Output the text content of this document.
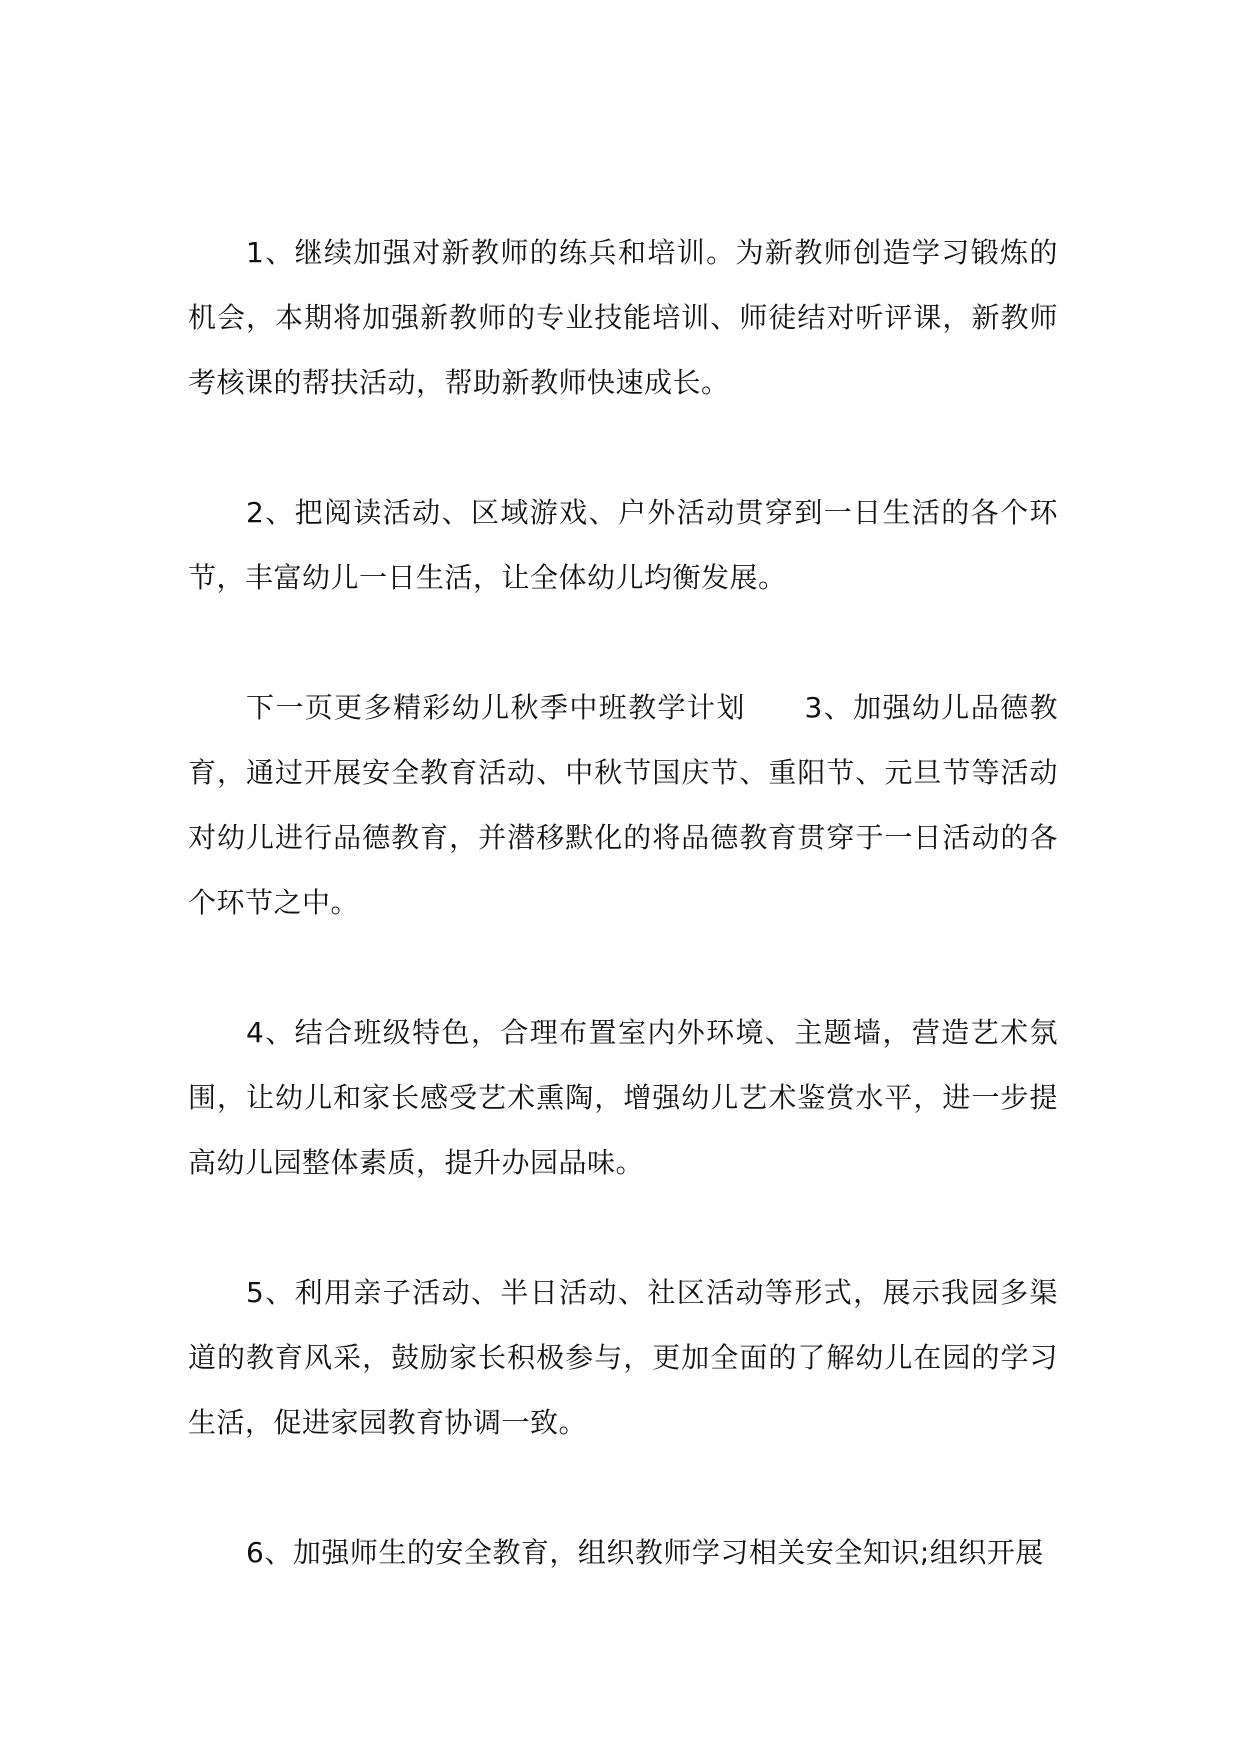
1、继续加强对新教师的练兵和培训。为新教师创造学习锻炼的机会，本期将加强新教师的专业技能培训、师徒结对听评课，新教师考核课的帮扶活动，帮助新教师快速成长。

2、把阅读活动、区域游戏、户外活动贯穿到一日生活的各个环节，丰富幼儿一日生活，让全体幼儿均衡发展。

下一页更多精彩幼儿秋季中班教学计划　　3、加强幼儿品德教育，通过开展安全教育活动、中秋节国庆节、重阳节、元旦节等活动对幼儿进行品德教育，并潜移默化的将品德教育贯穿于一日活动的各个环节之中。

4、结合班级特色，合理布置室内外环境、主题墙，营造艺术氛围，让幼儿和家长感受艺术熏陶，增强幼儿艺术鉴赏水平，进一步提高幼儿园整体素质，提升办园品味。

5、利用亲子活动、半日活动、社区活动等形式，展示我园多渠道的教育风采，鼓励家长积极参与，更加全面的了解幼儿在园的学习生活，促进家园教育协调一致。

6、加强师生的安全教育，组织教师学习相关安全知识;组织开展
